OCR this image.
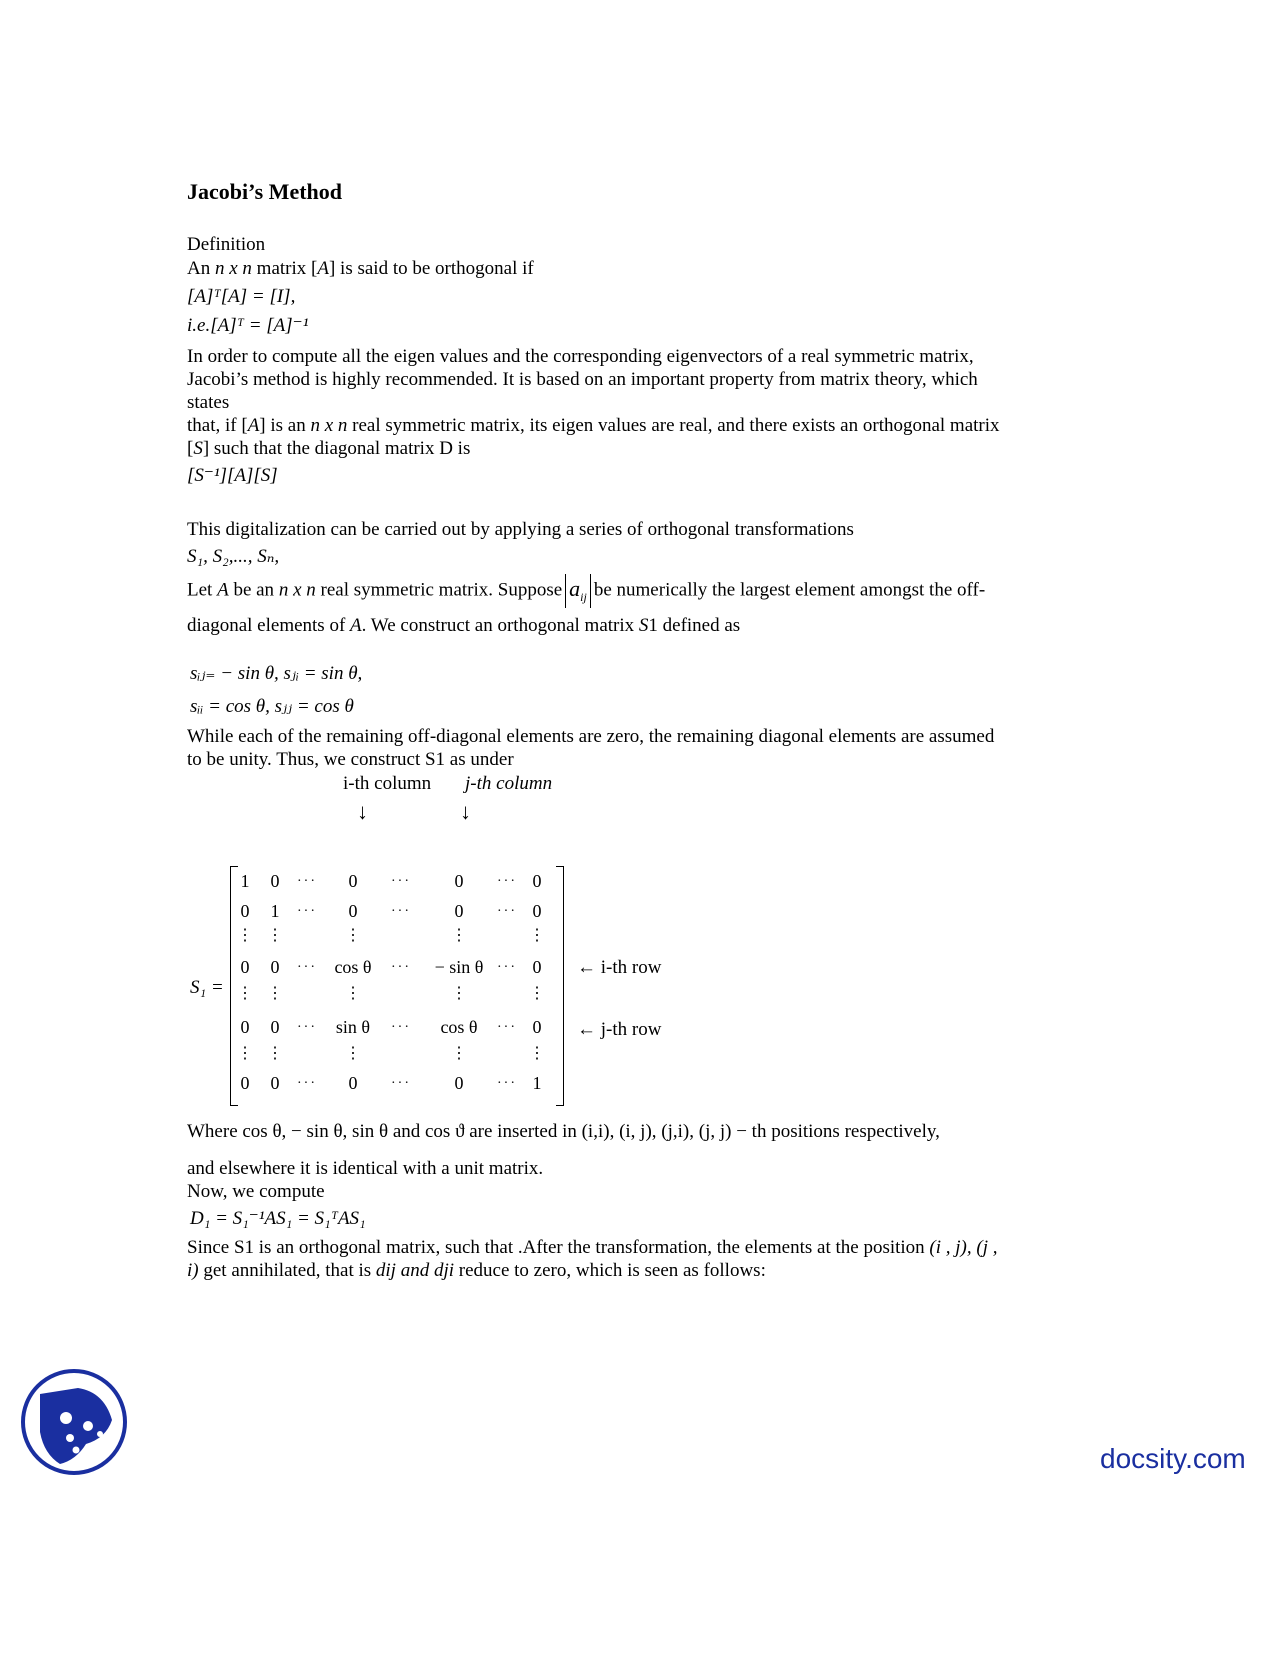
Jacobi’s Method
Definition
An n x n matrix [A] is said to be orthogonal if
[A]ᵀ[A] = [I],
i.e.[A]ᵀ = [A]⁻¹
In order to compute all the eigen values and the corresponding eigenvectors of a real symmetric matrix,
Jacobi’s method is highly recommended. It is based on an important property from matrix theory, which
states
that, if [A] is an n x n real symmetric matrix, its eigen values are real, and there exists an orthogonal matrix
[S] such that the diagonal matrix D is
[S⁻¹][A][S]
This digitalization can be carried out by applying a series of orthogonal transformations
S₁, S₂,..., Sₙ,
Let A be an n x n real symmetric matrix. Suppose $a_{ij}$ be numerically the largest element amongst the off-
diagonal elements of A. We construct an orthogonal matrix S1 defined as
sᵢⱼ₌ − sin θ, sⱼᵢ = sin θ,
sᵢᵢ = cos θ, sⱼⱼ = cos θ
While each of the remaining off-diagonal elements are zero, the remaining diagonal elements are assumed
to be unity. Thus, we construct S1 as under
i-th column j-th column
↓	↓
S₁ =
1	0	···	0	···	0	··· 0
0	1	···	0	···	0	··· 0
⋮ ⋮	⋮	⋮	⋮
0	0	··· cos θ	···	− sin θ ··· 0
⋮ ⋮	⋮	⋮	⋮
0	0	···	sin θ	···	cos θ	··· 0
⋮ ⋮	⋮	⋮	⋮
0	0	···	0	···	0	··· 1
← i-th row
← j-th row
Where cos θ, − sin θ, sin θ and cos ϑ are inserted in (i,i), (i, j), (j,i), (j, j) − th positions respectively,
and elsewhere it is identical with a unit matrix.
Now, we compute
D₁ = S₁⁻¹AS₁ = S₁ᵀAS₁
Since S1 is an orthogonal matrix, such that .After the transformation, the elements at the position (i , j), (j ,
i) get annihilated, that is dij and dji reduce to zero, which is seen as follows:
docsity.com
